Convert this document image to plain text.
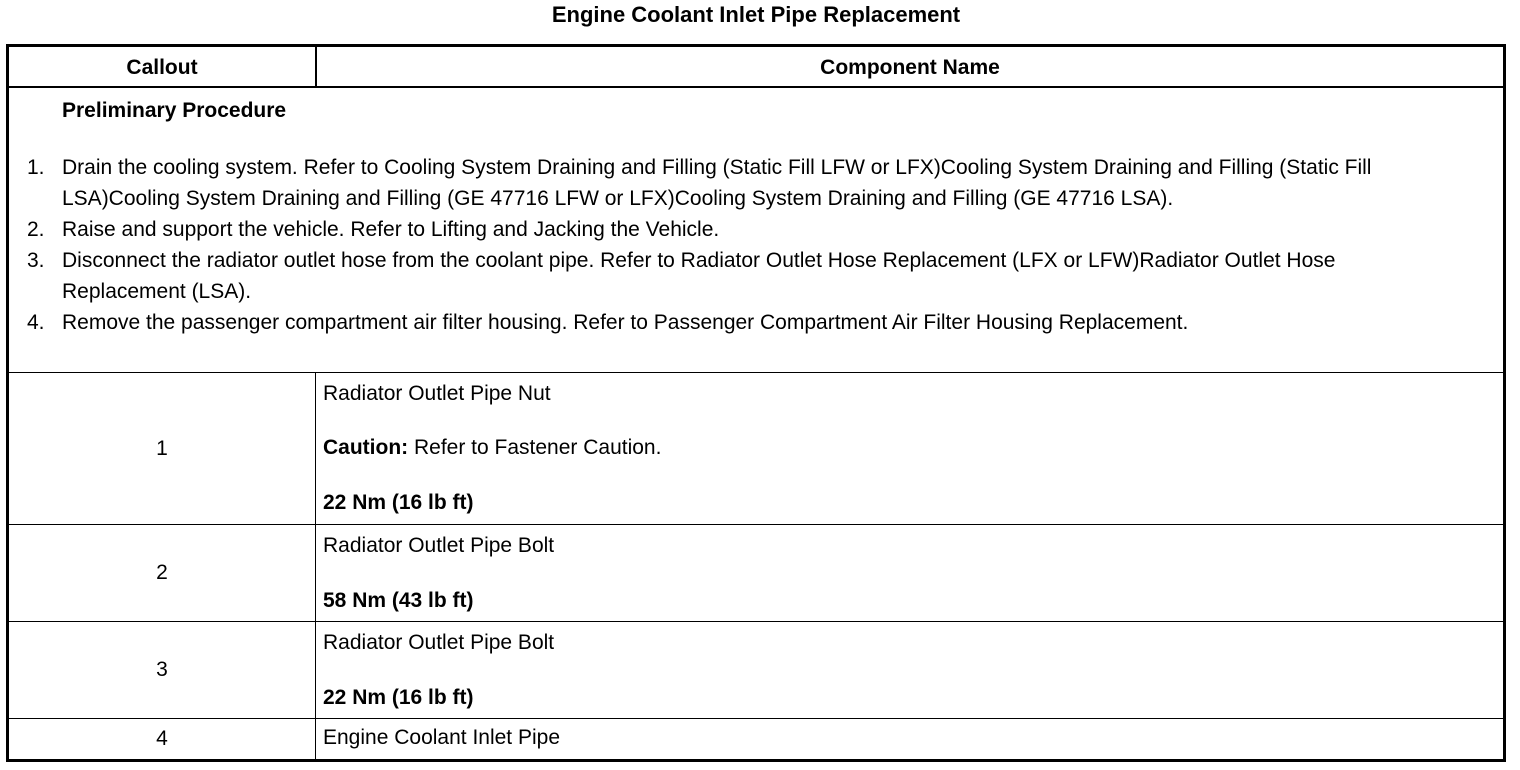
Engine Coolant Inlet Pipe Replacement
Callout	Component Name
Preliminary Procedure
1. Drain the cooling system. Refer to Cooling System Draining and Filling (Static Fill LFW or LFX)Cooling System Draining and Filling (Static Fill LSA)Cooling System Draining and Filling (GE 47716 LFW or LFX)Cooling System Draining and Filling (GE 47716 LSA).
2. Raise and support the vehicle. Refer to Lifting and Jacking the Vehicle.
3. Disconnect the radiator outlet hose from the coolant pipe. Refer to Radiator Outlet Hose Replacement (LFX or LFW)Radiator Outlet Hose Replacement (LSA).
4. Remove the passenger compartment air filter housing. Refer to Passenger Compartment Air Filter Housing Replacement.
1
Radiator Outlet Pipe Nut
Caution: Refer to Fastener Caution.
22 Nm (16 lb ft)
2
Radiator Outlet Pipe Bolt
58 Nm (43 lb ft)
3
Radiator Outlet Pipe Bolt
22 Nm (16 lb ft)
4	Engine Coolant Inlet Pipe
